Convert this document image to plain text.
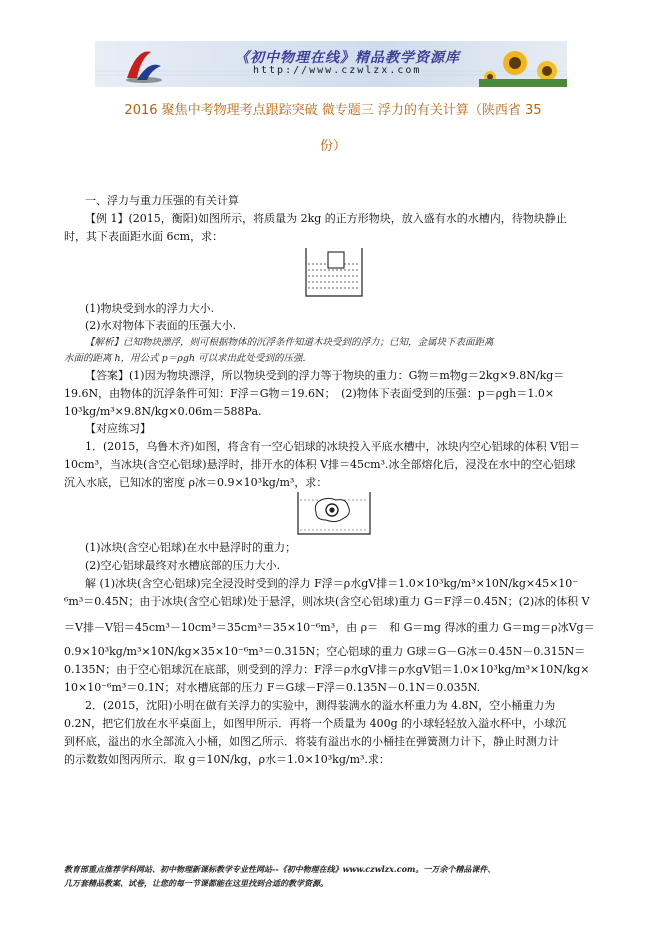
《初中物理在线》精品教学资源库
http://www.czwlzx.com
2016 聚焦中考物理考点跟踪突破 微专题三 浮力的有关计算（陕西省 35
份）
一、浮力与重力压强的有关计算
【例 1】(2015，衡阳)如图所示，将质量为 2kg 的正方形物块，放入盛有水的水槽内，待物块静止
时，其下表面距水面 6cm，求：
(1)物块受到水的浮力大小.
(2)水对物体下表面的压强大小.
【解析】已知物块漂浮，则可根据物体的沉浮条件知道木块受到的浮力；已知，金属块下表面距离
水面的距离 h，用公式 p＝ρgh 可以求出此处受到的压强.
【答案】(1)因为物块漂浮，所以物块受到的浮力等于物块的重力：G物＝m物g＝2kg×9.8N/kg＝
19.6N，由物体的沉浮条件可知：F浮＝G物＝19.6N；　(2)物体下表面受到的压强：p＝ρgh＝1.0×
10³kg/m³×9.8N/kg×0.06m＝588Pa.
【对应练习】
1．(2015，乌鲁木齐)如图，将含有一空心铝球的冰块投入平底水槽中，冰块内空心铝球的体积 V铝＝
10cm³，当冰块(含空心铝球)悬浮时，排开水的体积 V排＝45cm³.冰全部熔化后，浸没在水中的空心铝球
沉入水底，已知冰的密度 ρ冰＝0.9×10³kg/m³，求：
(1)冰块(含空心铝球)在水中悬浮时的重力；
(2)空心铝球最终对水槽底部的压力大小.
解 (1)冰块(含空心铝球)完全浸没时受到的浮力 F浮＝ρ水gV排＝1.0×10³kg/m³×10N/kg×45×10⁻
⁶m³＝0.45N；由于冰块(含空心铝球)处于悬浮，则冰块(含空心铝球)重力 G＝F浮＝0.45N；(2)冰的体积 V
＝V排－V铝＝45cm³－10cm³＝35cm³＝35×10⁻⁶m³，由 ρ＝　和 G＝mg 得冰的重力 G＝mg＝ρ冰Vg＝
0.9×10³kg/m³×10N/kg×35×10⁻⁶m³＝0.315N；空心铝球的重力 G球＝G－G冰＝0.45N－0.315N＝
0.135N；由于空心铝球沉在底部，则受到的浮力：F浮＝ρ水gV排＝ρ水gV铝＝1.0×10³kg/m³×10N/kg×
10×10⁻⁶m³＝0.1N；对水槽底部的压力 F＝G球－F浮＝0.135N－0.1N＝0.035N.
2．(2015，沈阳)小明在做有关浮力的实验中，测得装满水的溢水杯重力为 4.8N，空小桶重力为
0.2N，把它们放在水平桌面上，如图甲所示．再将一个质量为 400g 的小球轻轻放入溢水杯中，小球沉
到杯底，溢出的水全部流入小桶，如图乙所示．将装有溢出水的小桶挂在弹簧测力计下，静止时测力计
的示数数如图丙所示．取 g＝10N/kg，ρ水＝1.0×10³kg/m³.求：
教育部重点推荐学科网站、初中物理新课标教学专业性网站--《初中物理在线》www.czwlzx.com。一万余个精品课件、
几万套精品教案、试卷，让您的每一节课都能在这里找到合适的教学资源。
